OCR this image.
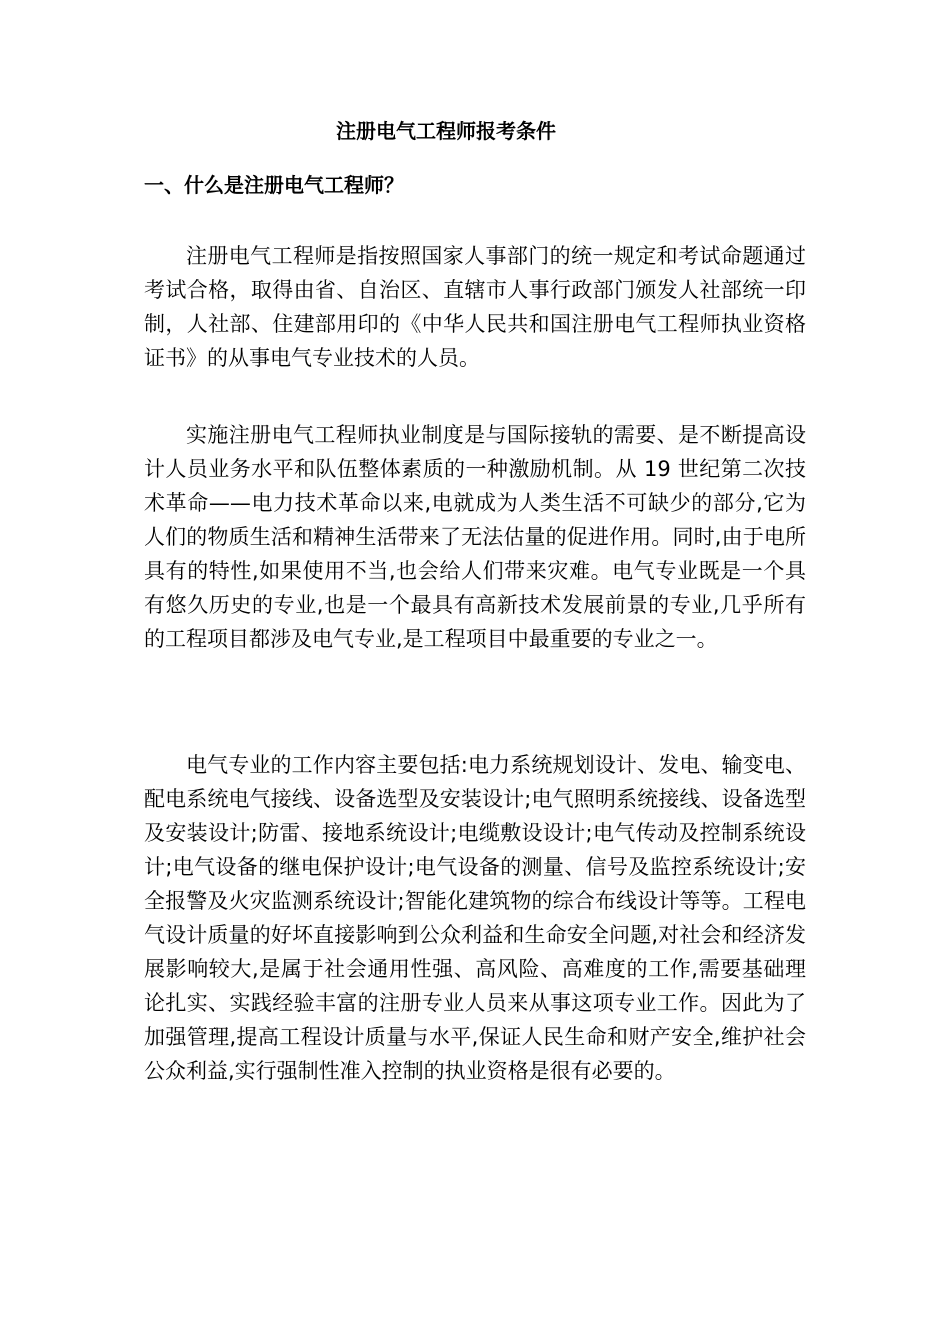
注册电气工程师报考条件
一、什么是注册电气工程师？

注册电气工程师是指按照国家人事部门的统一规定和考试命题通过考试合格，取得由省、自治区、直辖市人事行政部门颁发人社部统一印制，人社部、住建部用印的《中华人民共和国注册电气工程师执业资格证书》的从事电气专业技术的人员。

实施注册电气工程师执业制度是与国际接轨的需要、是不断提高设计人员业务水平和队伍整体素质的一种激励机制。从 19 世纪第二次技术革命——电力技术革命以来,电就成为人类生活不可缺少的部分,它为人们的物质生活和精神生活带来了无法估量的促进作用。同时,由于电所具有的特性,如果使用不当,也会给人们带来灾难。电气专业既是一个具有悠久历史的专业,也是一个最具有高新技术发展前景的专业,几乎所有的工程项目都涉及电气专业,是工程项目中最重要的专业之一。

电气专业的工作内容主要包括:电力系统规划设计、发电、输变电、配电系统电气接线、设备选型及安装设计;电气照明系统接线、设备选型及安装设计;防雷、接地系统设计;电缆敷设设计;电气传动及控制系统设计;电气设备的继电保护设计;电气设备的测量、信号及监控系统设计;安全报警及火灾监测系统设计;智能化建筑物的综合布线设计等等。工程电气设计质量的好坏直接影响到公众利益和生命安全问题,对社会和经济发展影响较大,是属于社会通用性强、高风险、高难度的工作,需要基础理论扎实、实践经验丰富的注册专业人员来从事这项专业工作。因此为了加强管理,提高工程设计质量与水平,保证人民生命和财产安全,维护社会公众利益,实行强制性准入控制的执业资格是很有必要的。
